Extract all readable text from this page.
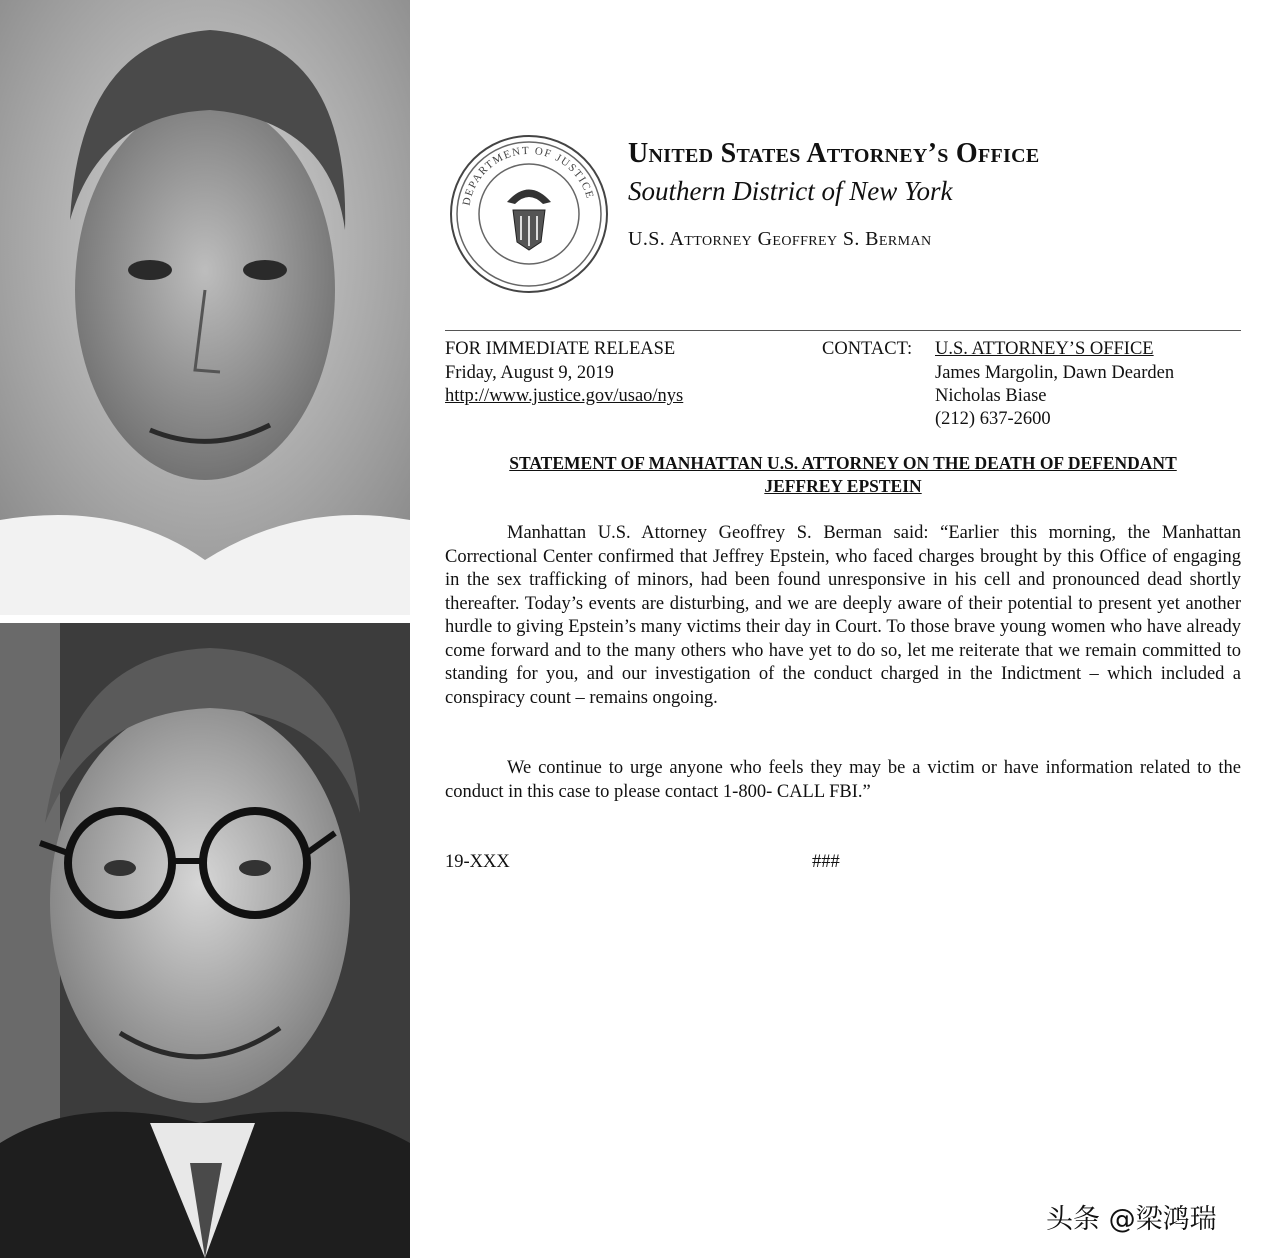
DEPARTMENT OF JUSTICE
United States Attorney’s Office
Southern District of New York
U.S. Attorney Geoffrey S. Berman
FOR IMMEDIATE RELEASE
Friday, August 9, 2019
http://www.justice.gov/usao/nys
CONTACT: U.S. ATTORNEY’S OFFICE
James Margolin, Dawn Dearden
Nicholas Biase
(212) 637-2600
STATEMENT OF MANHATTAN U.S. ATTORNEY ON THE DEATH OF DEFENDANT
JEFFREY EPSTEIN
Manhattan U.S. Attorney Geoffrey S. Berman said: “Earlier this morning, the Manhattan Correctional Center confirmed that Jeffrey Epstein, who faced charges brought by this Office of engaging in the sex trafficking of minors, had been found unresponsive in his cell and pronounced dead shortly thereafter. Today’s events are disturbing, and we are deeply aware of their potential to present yet another hurdle to giving Epstein’s many victims their day in Court. To those brave young women who have already come forward and to the many others who have yet to do so, let me reiterate that we remain committed to standing for you, and our investigation of the conduct charged in the Indictment – which included a conspiracy count – remains ongoing.
We continue to urge anyone who feels they may be a victim or have information related to the conduct in this case to please contact 1-800- CALL FBI.”
19-XXX	###
头条 @梁鸿瑞
